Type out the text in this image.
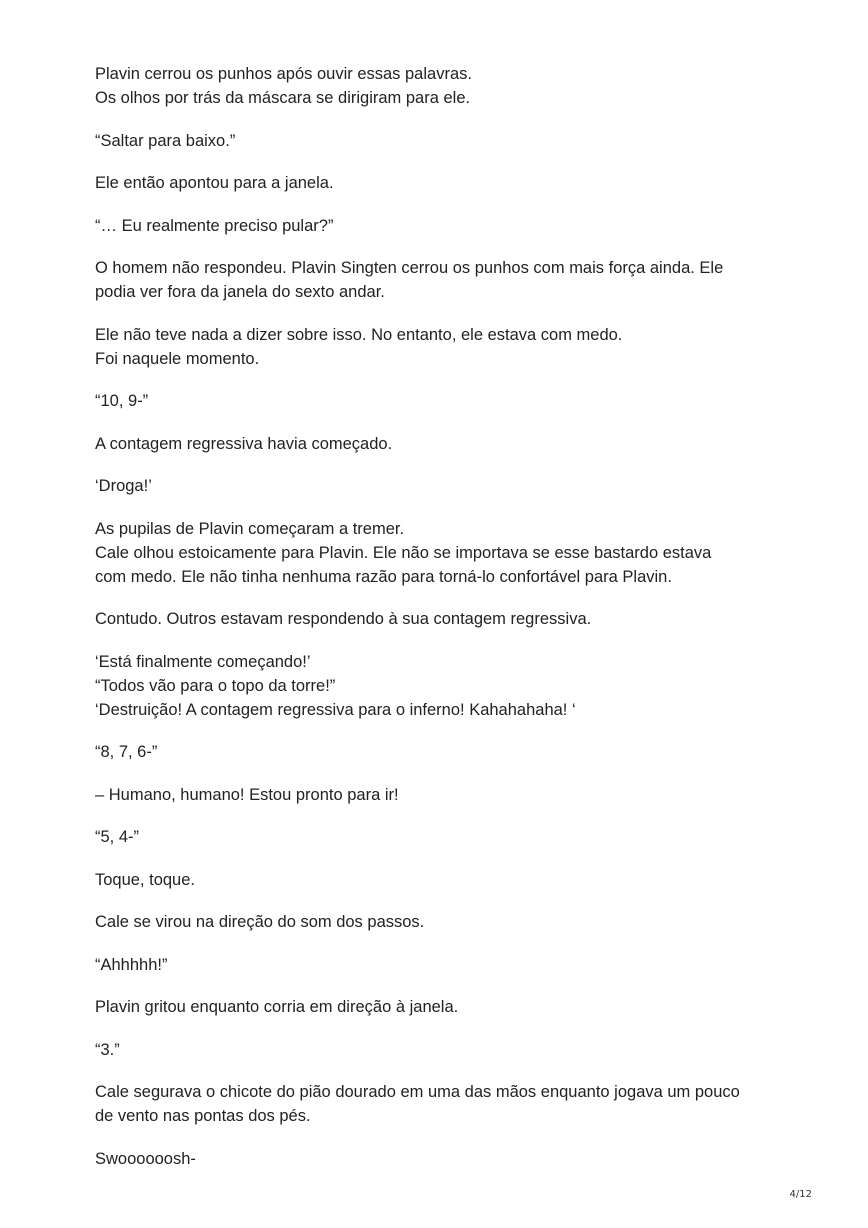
Plavin cerrou os punhos após ouvir essas palavras.
Os olhos por trás da máscara se dirigiram para ele.

“Saltar para baixo.”

Ele então apontou para a janela.

“… Eu realmente preciso pular?”

O homem não respondeu. Plavin Singten cerrou os punhos com mais força ainda. Ele
podia ver fora da janela do sexto andar.

Ele não teve nada a dizer sobre isso. No entanto, ele estava com medo.
Foi naquele momento.

“10, 9-”

A contagem regressiva havia começado.

‘Droga!’

As pupilas de Plavin começaram a tremer.
Cale olhou estoicamente para Plavin. Ele não se importava se esse bastardo estava
com medo. Ele não tinha nenhuma razão para torná-lo confortável para Plavin.

Contudo. Outros estavam respondendo à sua contagem regressiva.

‘Está finalmente começando!’
“Todos vão para o topo da torre!”
‘Destruição! A contagem regressiva para o inferno! Kahahahaha! ‘

“8, 7, 6-”

– Humano, humano! Estou pronto para ir!

“5, 4-”

Toque, toque.

Cale se virou na direção do som dos passos.

“Ahhhhh!”

Plavin gritou enquanto corria em direção à janela.

“3.”

Cale segurava o chicote do pião dourado em uma das mãos enquanto jogava um pouco
de vento nas pontas dos pés.

Swoooooosh-

4/12
